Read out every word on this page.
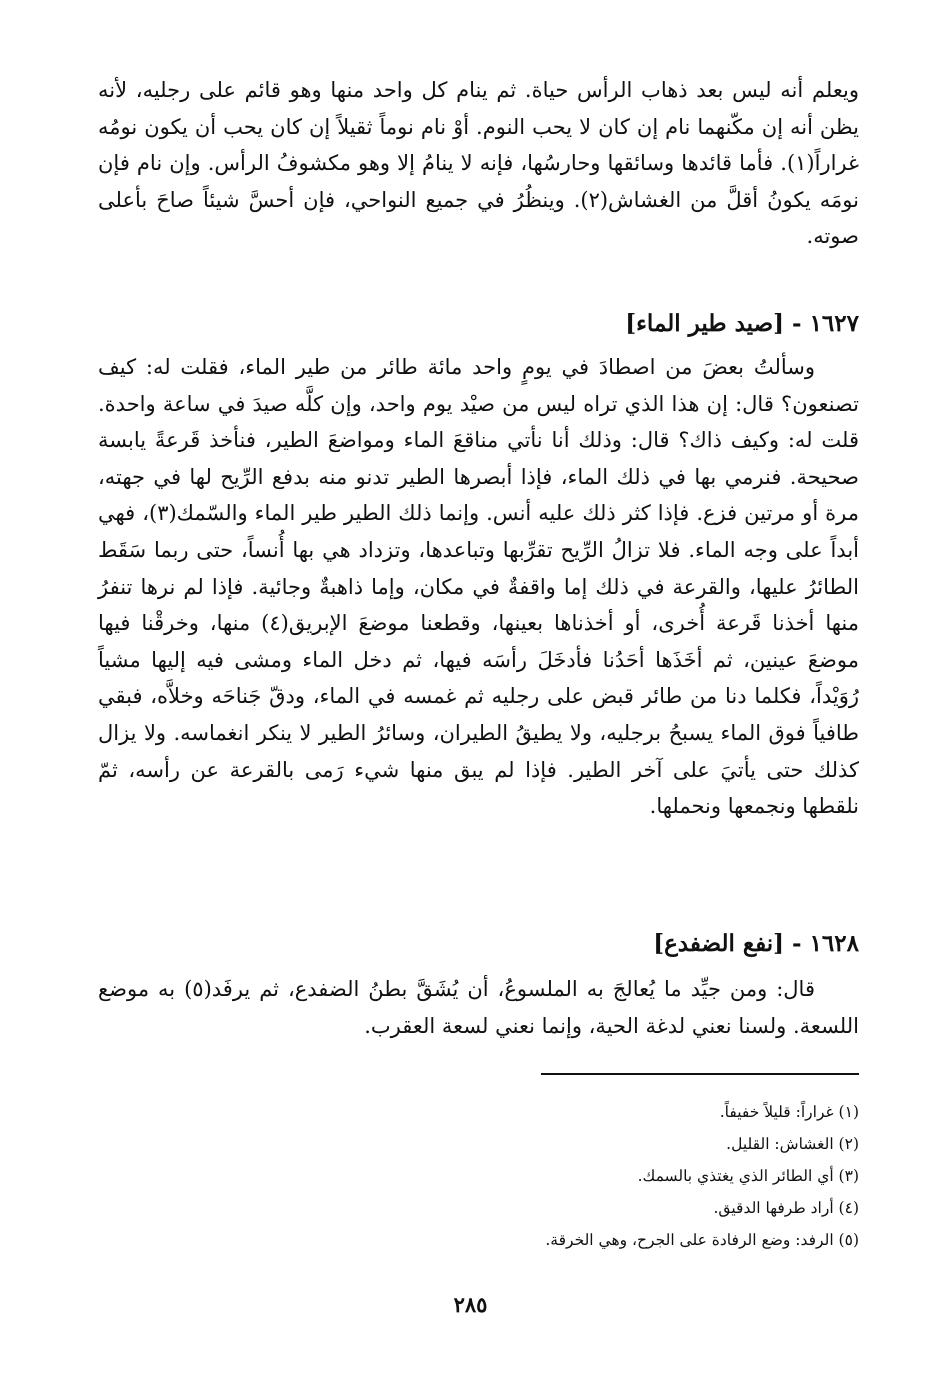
ويعلم أنه ليس بعد ذهاب الرأس حياة. ثم ينام كل واحد منها وهو قائم على رجليه، لأنه يظن أنه إن مكّنهما نام إن كان لا يحب النوم. أوْ نام نوماً ثقيلاً إن كان يحب أن يكون نومُه غراراً(١). فأما قائدها وسائقها وحارسُها، فإنه لا ينامُ إلا وهو مكشوفُ الرأس. وإن نام فإن نومَه يكونُ أقلَّ من الغشاش(٢). وينظُرُ في جميع النواحي، فإن أحسَّ شيئاً صاحَ بأعلى صوته.

١٦٢٧ - [صيد طير الماء]

وسألتُ بعضَ من اصطادَ في يومٍ واحد مائة طائر من طير الماء، فقلت له: كيف تصنعون؟ قال: إن هذا الذي تراه ليس من صيْد يوم واحد، وإن كلَّه صيدَ في ساعة واحدة. قلت له: وكيف ذاك؟ قال: وذلك أنا نأتي مناقعَ الماء ومواضعَ الطير، فنأخذ قَرعةً يابسة صحيحة. فنرمي بها في ذلك الماء، فإذا أبصرها الطير تدنو منه بدفع الرِّيح لها في جهته، مرة أو مرتين فزع. فإذا كثر ذلك عليه أنس. وإنما ذلك الطير طير الماء والسّمك(٣)، فهي أبداً على وجه الماء. فلا تزالُ الرِّيح تقرِّبها وتباعدها، وتزداد هي بها أُنساً، حتى ربما سَقَط الطائرُ عليها، والقرعة في ذلك إما واقفةٌ في مكان، وإما ذاهبةٌ وجائية. فإذا لم نرها تنفرُ منها أخذنا قَرعة أُخرى، أو أخذناها بعينها، وقطعنا موضعَ الإبريق(٤) منها، وخرقْنا فيها موضعَ عينين، ثم أخَذَها أحَدُنا فأدخَلَ رأسَه فيها، ثم دخل الماء ومشى فيه إليها مشياً رُوَيْداً، فكلما دنا من طائر قبض على رجليه ثم غمسه في الماء، ودقّ جَناحَه وخلاَّه، فبقي طافياً فوق الماء يسبحُ برجليه، ولا يطيقُ الطيران، وسائرُ الطير لا ينكر انغماسه. ولا يزال كذلك حتى يأتيَ على آخر الطير. فإذا لم يبق منها شيء رَمى بالقرعة عن رأسه، ثمّ نلقطها ونجمعها ونحملها.

١٦٢٨ - [نفع الضفدع]

قال: ومن جيِّد ما يُعالجَ به الملسوعُ، أن يُشَقَّ بطنُ الضفدع، ثم يرفَد(٥) به موضع اللسعة. ولسنا نعني لدغة الحية، وإنما نعني لسعة العقرب.

(١) غراراً: قليلاً خفيفاً.

(٢) الغشاش: القليل.

(٣) أي الطائر الذي يغتذي بالسمك.

(٤) أراد طرفها الدقيق.

(٥) الرفد: وضع الرفادة على الجرح، وهي الخرقة.

٢٨٥
